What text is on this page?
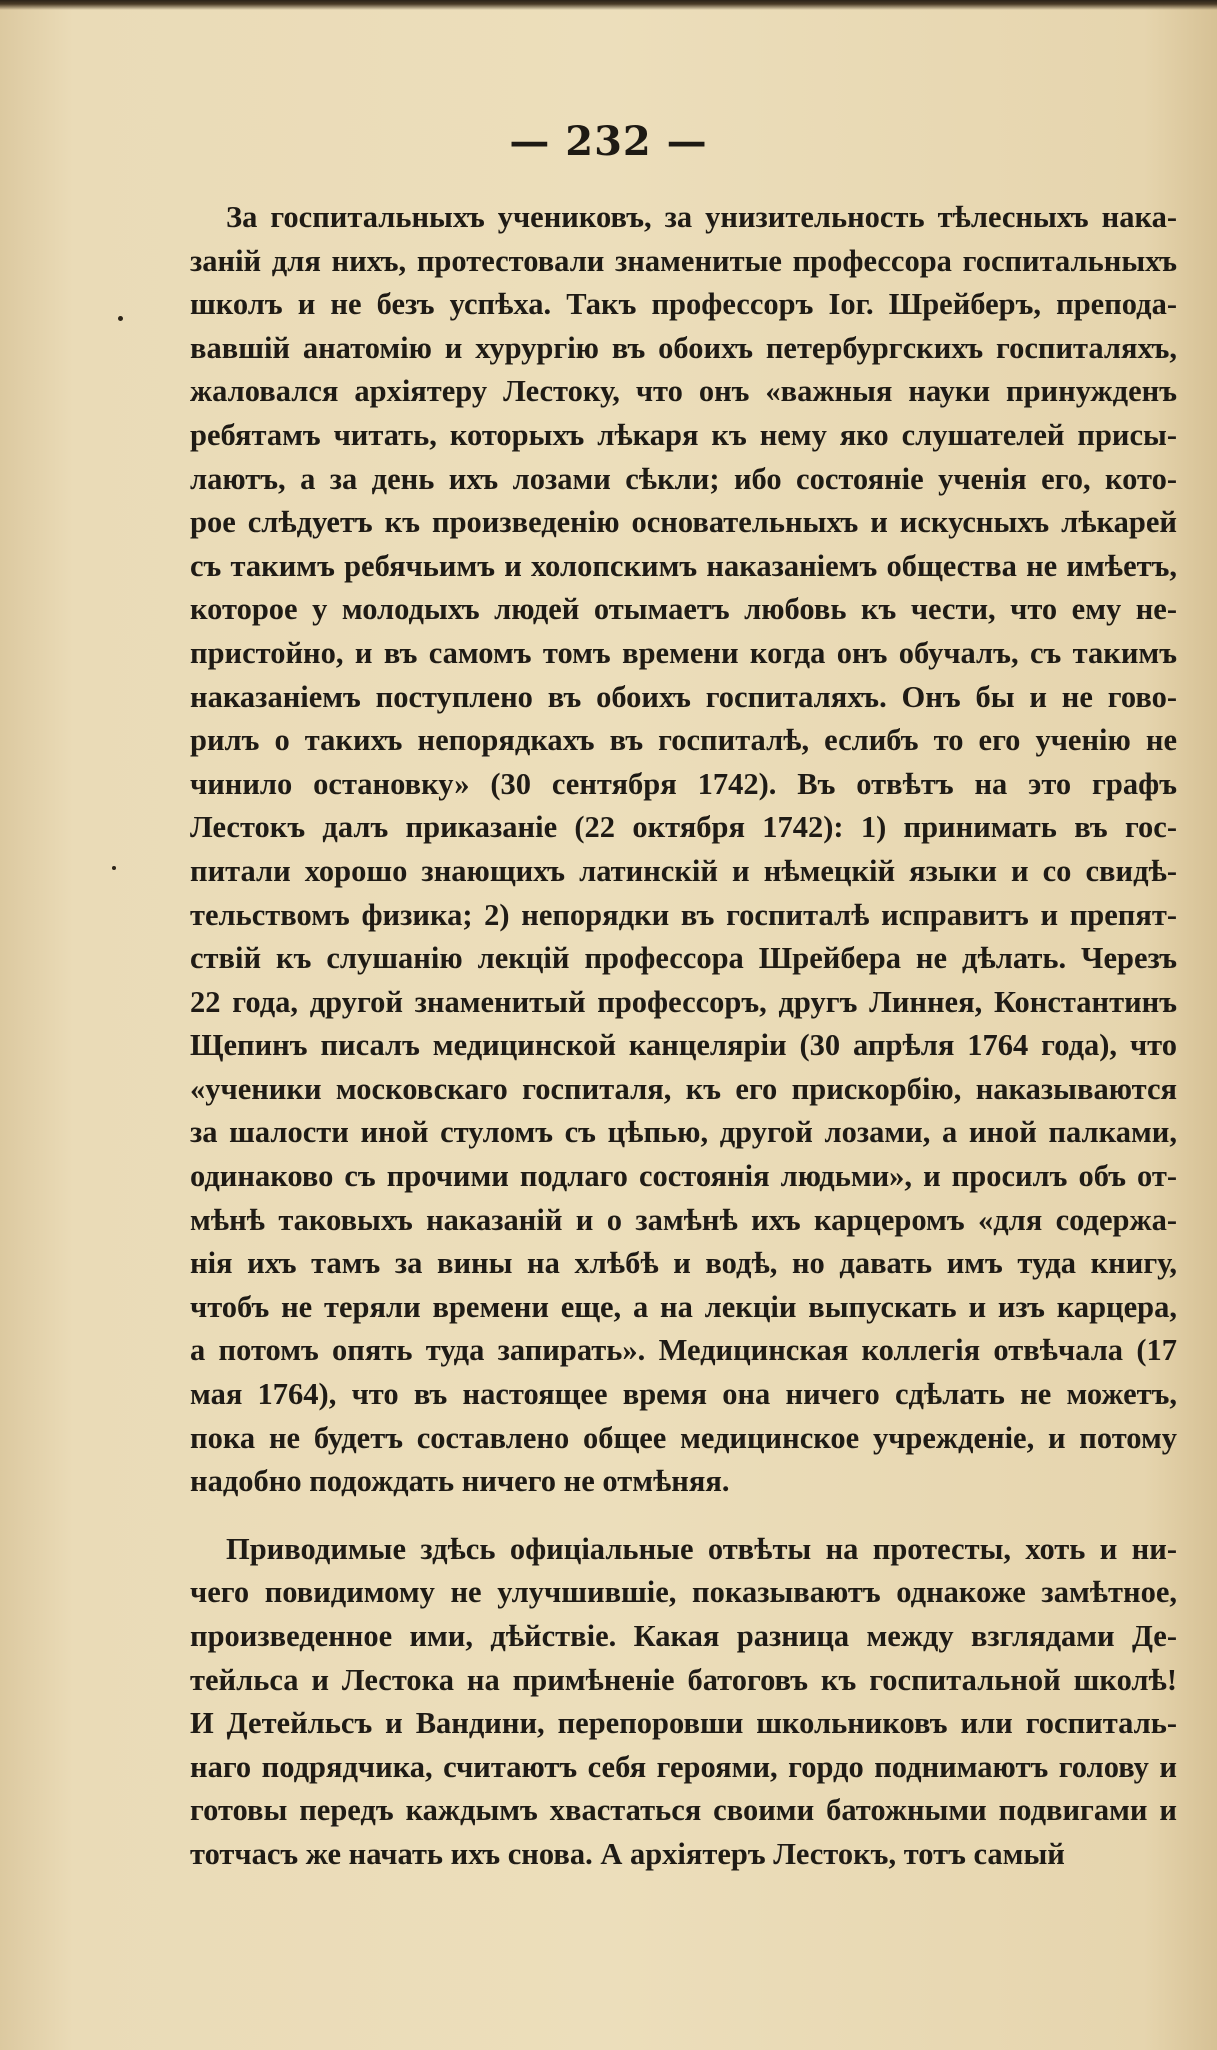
— 232 —
За госпитальныхъ учениковъ, за унизительность тѣлесныхъ нака-
заній для нихъ, протестовали знаменитые профессора госпитальныхъ
школъ и не безъ успѣха. Такъ профессоръ Іог. Шрейберъ, препода-
вавшій анатомію и хурургію въ обоихъ петербургскихъ госпиталяхъ,
жаловался архіятеру Лестоку, что онъ «важныя науки принужденъ
ребятамъ читать, которыхъ лѣкаря къ нему яко слушателей присы-
лаютъ, а за день ихъ лозами сѣкли; ибо состояніе ученія его, кото-
рое слѣдуетъ къ произведенію основательныхъ и искусныхъ лѣкарей
съ такимъ ребячьимъ и холопскимъ наказаніемъ общества не имѣетъ,
которое у молодыхъ людей отымаетъ любовь къ чести, что ему не-
пристойно, и въ самомъ томъ времени когда онъ обучалъ, съ такимъ
наказаніемъ поступлено въ обоихъ госпиталяхъ. Онъ бы и не гово-
рилъ о такихъ непорядкахъ въ госпиталѣ, еслибъ то его ученію не
чинило остановку» (30 сентября 1742). Въ отвѣтъ на это графъ
Лестокъ далъ приказаніе (22 октября 1742): 1) принимать въ гос-
питали хорошо знающихъ латинскій и нѣмецкій языки и со свидѣ-
тельствомъ физика; 2) непорядки въ госпиталѣ исправитъ и препят-
ствій къ слушанію лекцій профессора Шрейбера не дѣлать. Черезъ
22 года, другой знаменитый профессоръ, другъ Линнея, Константинъ
Щепинъ писалъ медицинской канцеляріи (30 апрѣля 1764 года), что
«ученики московскаго госпиталя, къ его прискорбію, наказываются
за шалости иной стуломъ съ цѣпью, другой лозами, а иной палками,
одинаково съ прочими подлаго состоянія людьми», и просилъ объ от-
мѣнѣ таковыхъ наказаній и о замѣнѣ ихъ карцеромъ «для содержа-
нія ихъ тамъ за вины на хлѣбѣ и водѣ, но давать имъ туда книгу,
чтобъ не теряли времени еще, а на лекціи выпускать и изъ карцера,
а потомъ опять туда запирать». Медицинская коллегія отвѣчала (17
мая 1764), что въ настоящее время она ничего сдѣлать не можетъ,
пока не будетъ составлено общее медицинское учрежденіе, и потому
надобно подождать ничего не отмѣняя.
Приводимые здѣсь офиціальные отвѣты на протесты, хоть и ни-
чего повидимому не улучшившіе, показываютъ однакоже замѣтное,
произведенное ими, дѣйствіе. Какая разница между взглядами Де-
тейльса и Лестока на примѣненіе батоговъ къ госпитальной школѣ!
И Детейльсъ и Вандини, перепоровши школьниковъ или госпиталь-
наго подрядчика, считаютъ себя героями, гордо поднимаютъ голову и
готовы передъ каждымъ хвастаться своими батожными подвигами и
тотчасъ же начать ихъ снова. А архіятеръ Лестокъ, тотъ самый
